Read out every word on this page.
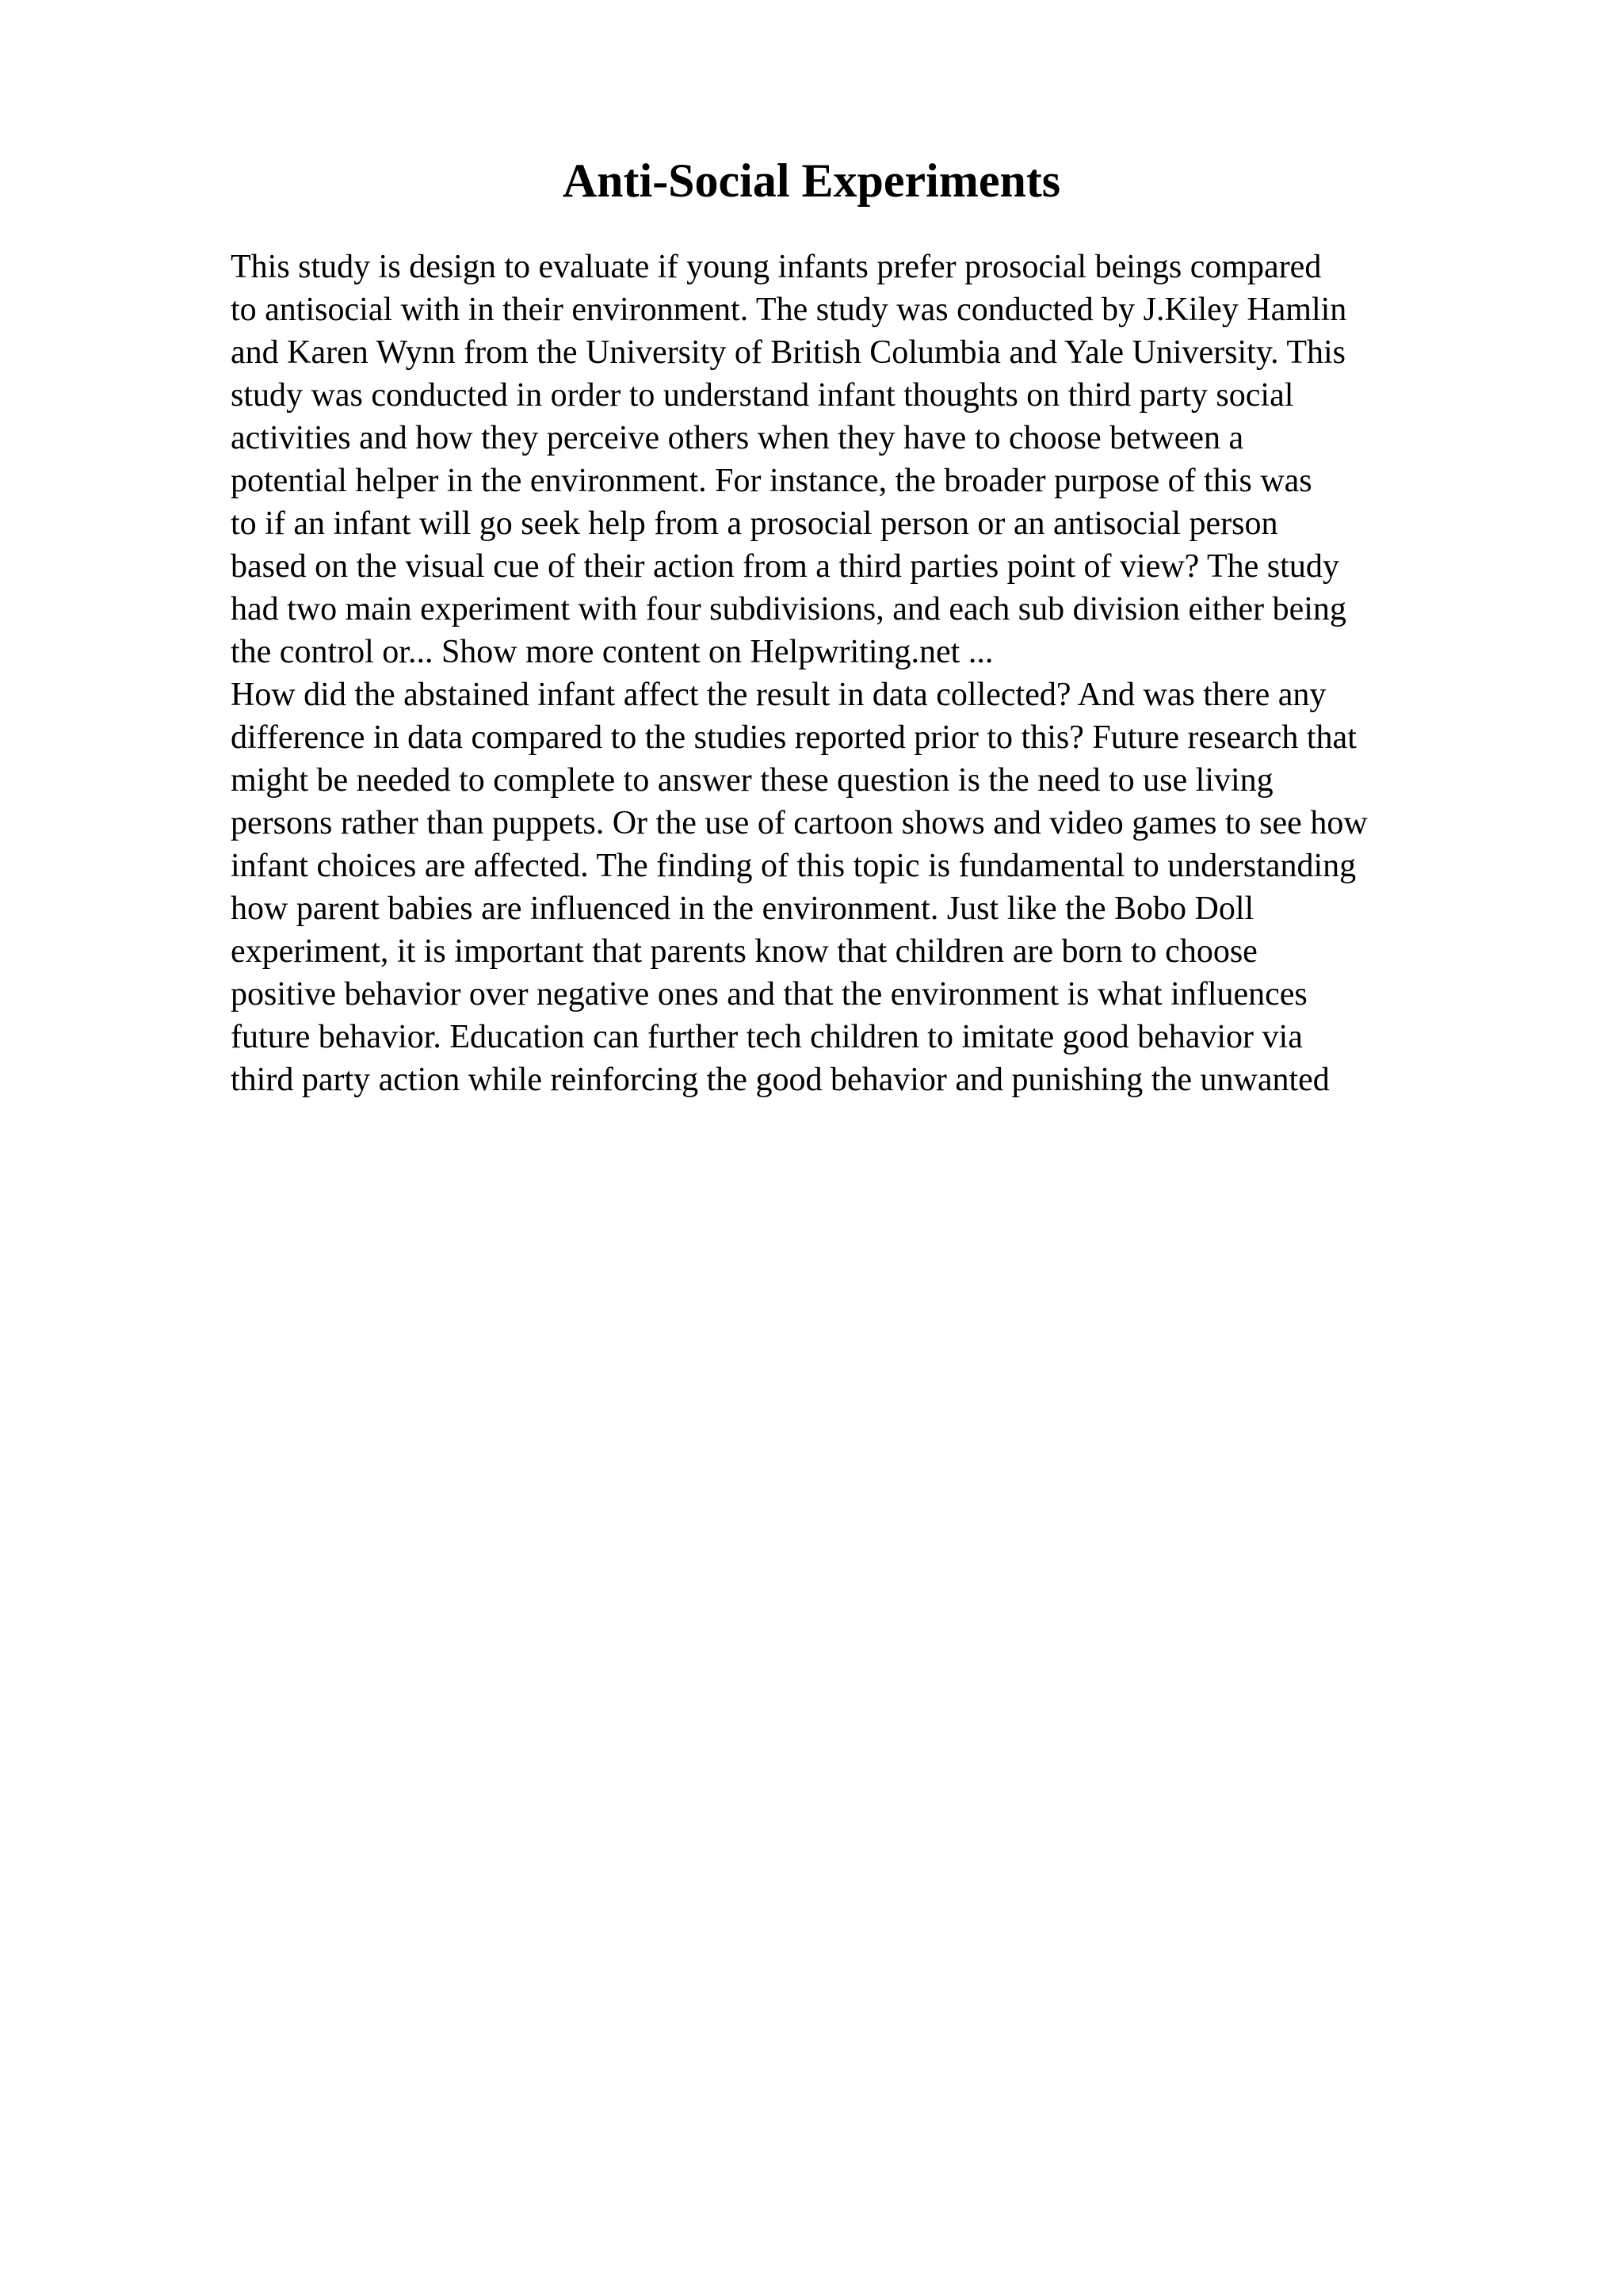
Anti-Social Experiments
This study is design to evaluate if young infants prefer prosocial beings compared
to antisocial with in their environment. The study was conducted by J.Kiley Hamlin
and Karen Wynn from the University of British Columbia and Yale University. This
study was conducted in order to understand infant thoughts on third party social
activities and how they perceive others when they have to choose between a
potential helper in the environment. For instance, the broader purpose of this was
to if an infant will go seek help from a prosocial person or an antisocial person
based on the visual cue of their action from a third parties point of view? The study
had two main experiment with four subdivisions, and each sub division either being
the control or... Show more content on Helpwriting.net ...
How did the abstained infant affect the result in data collected? And was there any
difference in data compared to the studies reported prior to this? Future research that
might be needed to complete to answer these question is the need to use living
persons rather than puppets. Or the use of cartoon shows and video games to see how
infant choices are affected. The finding of this topic is fundamental to understanding
how parent babies are influenced in the environment. Just like the Bobo Doll
experiment, it is important that parents know that children are born to choose
positive behavior over negative ones and that the environment is what influences
future behavior. Education can further tech children to imitate good behavior via
third party action while reinforcing the good behavior and punishing the unwanted
